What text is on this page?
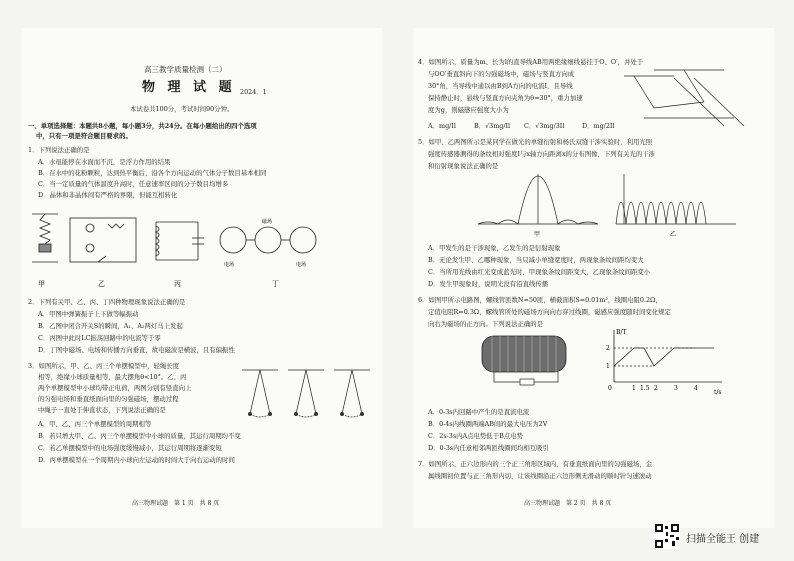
高三教学质量检测（二）
物 理 试 题 2024．1
本试卷共100分，考试时间90分钟。
一、单项选择题：本题共8小题，每小题3分，共24分。在每小题给出的四个选项
中，只有一项是符合题目要求的。
1．下列说法正确的是
A．水黾能停在水面而不沉，是浮力作用的结果
B．在水中的花粉颗粒，达到热平衡后，沿各个方向运动的气体分子数目基本相同
C．当一定质量的气体温度升高时，任意速率区间的分子数目均增多
D．晶体和非晶体间有严格的界限，但能互相转化
甲	乙	丙	丁
电场
磁场
电场
2．下列有关甲、乙、丙、丁四种物理现象说法正确的是
A．甲图中弹簧振子上下做等幅振动
B．乙图中闭合开关S的瞬间，A₁、A₂两灯马上发起
C．丙图中此时LC振荡回路中的电流等于零
D．丁图中磁场、电场和传播方向垂直，故电磁波是横波，且有偏振性
3．如图所示，甲、乙、丙三个单摆模型中，轻绳长度
相等，绝缘小球质量相等，最大摆角θ<10°。乙、丙
两个单摆模型中小球均带正电荷，两图分别有竖直向上
的匀强电场和垂直纸面向里的匀强磁场，摆动过程
中绳子一直处于伸直状态，下列说法正确的是
A．甲、乙、丙三个单摆模型的周期相等
B．若只增大甲、乙、丙三个单摆模型中小球的质量，其运行周期均不变
C．若乙单摆模型中的电场强度缓慢减小，其运行周期将逐渐变短
D．丙单摆模型在一个周期内小球向左运动的时间大于向右运动的时间
高三物理试题　第 1 页　共 8 页
4．如图所示，质量为m、长为l的直导线AB用两绝缘细线悬挂于O、O′，并处于
与OO′垂直斜向下的匀强磁场中，磁场与竖直方向成
30°角，当导线中通以由B到A方向的电流I，且导线
保持静止时，悬线与竖直方向夹角为θ=30°，重力加速
度为g，则磁感应强度大小为
A．mg/Il	B．√3mg/Il C．√3mg/3Il	D．mg/2Il
5．如甲、乙两图所示是某同学在做光的单缝衍射和杨氏双缝干涉实验时，利用光照
强度传感器测得的条纹相对强度I与x轴方向距离x的分布图像，下列有关光的干涉
和衍射现象说法正确的是
甲	乙
A．甲发生的是干涉现象，乙发生的是衍射现象
B．无论发生甲、乙哪种现象，当只减小单缝宽度时，两现象条纹间距均变大
C．当所用光线由红光变成蓝光时，甲现象条纹间距变大，乙现象条纹间距变小
D．发生甲现象时，说明光没有沿直线传播
6．如图甲所示电路图，螺线管匝数N=50匝，横截面积S=0.01m²，线圈电阻0.2Ω，
定值电阻R=0.3Ω，螺线管所处的磁场方向向右穿过线圈，磁感应强度随时间变化规定
向右为磁场的正方向。下列说法正确的是
B/T
t/s
2
1
0	1 1.5 2	3	4
A．0-3s内回路中产生的是直流电流
B．0-4s内线圈两端AB间的最大电压为2V
C．2s-3s内A点电势低于B点电势
D．0-3s内任意相邻两匝线圈间均相互吸引
7．如图所示，正六边形内的三个正三角形区域内，有垂直纸面向里的匀强磁场，金
属线圈初位置与正三角形内切，让该线圈沿正六边形侧无滑动的顺时针匀速滚动
高三物理试题　第 2 页　共 8 页
扫描全能王 创建
